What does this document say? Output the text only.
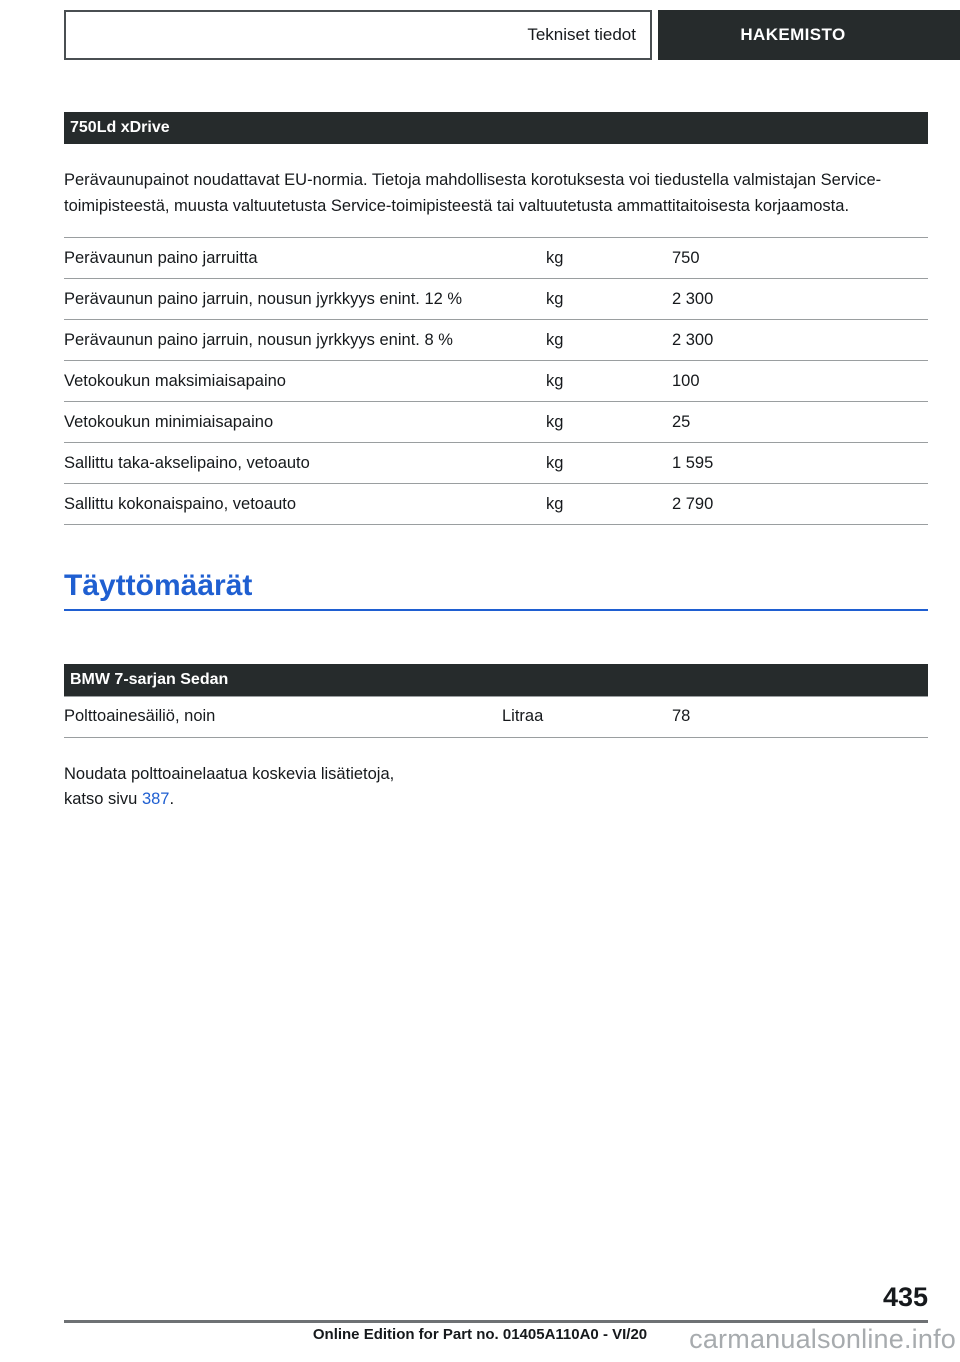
Tekniset tiedot	HAKEMISTO
750Ld xDrive

Perävaunupainot noudattavat EU-normia. Tietoja mahdollisesta korotuksesta voi tiedustella valmistajan Service-toimipisteestä, muusta valtuutetusta Service-toimipisteestä tai valtuutetusta ammattitaitoisesta korjaamosta.

Perävaunun paino jarruitta	kg	750
Perävaunun paino jarruin, nousun jyrkkyys enint. 12 %	kg	2 300
Perävaunun paino jarruin, nousun jyrkkyys enint. 8 %	kg	2 300
Vetokoukun maksimiaisapaino	kg	100
Vetokoukun minimiaisapaino	kg	25
Sallittu taka-akselipaino, vetoauto	kg	1 595
Sallittu kokonaispaino, vetoauto	kg	2 790
Täyttömäärät
BMW 7-sarjan Sedan
Polttoainesäiliö, noin	Litraa	78

Noudata polttoainelaatua koskevia lisätietoja,
katso sivu 387.

435
Online Edition for Part no. 01405A110A0 - VI/20	carmanualsonline.info
